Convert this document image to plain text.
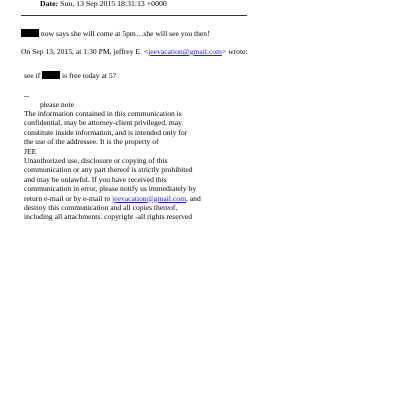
Date: Sun, 13 Sep 2015 18:31:13 +0000
now says she will come at 5pm…she will see you then!
On Sep 13, 2015, at 1:30 PM, jeffrey E. <jeevacation@gmail.com> wrote:

see if	is free today at 5?

--
please note
The information contained in this communication is
confidential, may be attorney-client privileged, may
constitute inside information, and is intended only for
the use of the addressee. It is the property of
JEE
Unauthorized use, disclosure or copying of this
communication or any part thereof is strictly prohibited
and may be unlawful. If you have received this
communication in error, please notify us immediately by
return e-mail or by e-mail to jeevacation@gmail.com, and
destroy this communication and all copies thereof,
including all attachments. copyright -all rights reserved
